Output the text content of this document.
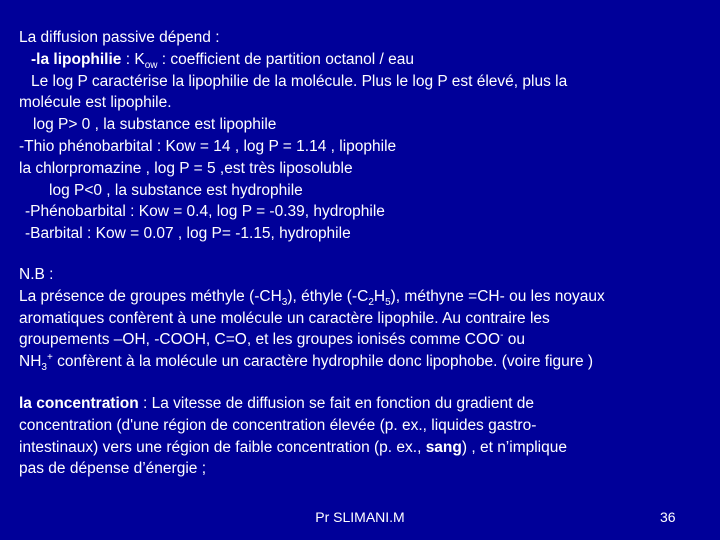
La diffusion passive dépend :
-la lipophilie : $K_{ow}$ : coefficient de partition octanol / eau
Le log P caractérise la lipophilie de la molécule. Plus le log P est élevé, plus la
molécule est lipophile.
log P> 0 , la substance est lipophile
-Thio phénobarbital : Kow = 14 , log P = 1.14 , lipophile
la chlorpromazine , log P = 5 ,est très liposoluble
log P<0 , la substance est hydrophile
-Phénobarbital : Kow = 0.4, log P = -0.39, hydrophile
-Barbital : Kow = 0.07 , log P= -1.15, hydrophile
N.B :
La présence de groupes méthyle $(-CH_3)$, éthyle $(-C_2H_5)$, méthyne =CH- ou les noyaux
aromatiques confèrent à une molécule un caractère lipophile. Au contraire les
groupements –OH, -COOH, C=O, et les groupes ionisés comme COO- ou
$NH_3^+$ confèrent à la molécule un caractère hydrophile donc lipophobe. (voire figure )
la concentration : La vitesse de diffusion se fait en fonction du gradient de
concentration (d'une région de concentration élevée (p. ex., liquides gastro-
intestinaux) vers une région de faible concentration (p. ex., sang) , et n’implique
pas de dépense d’énergie ;
Pr SLIMANI.M	36
